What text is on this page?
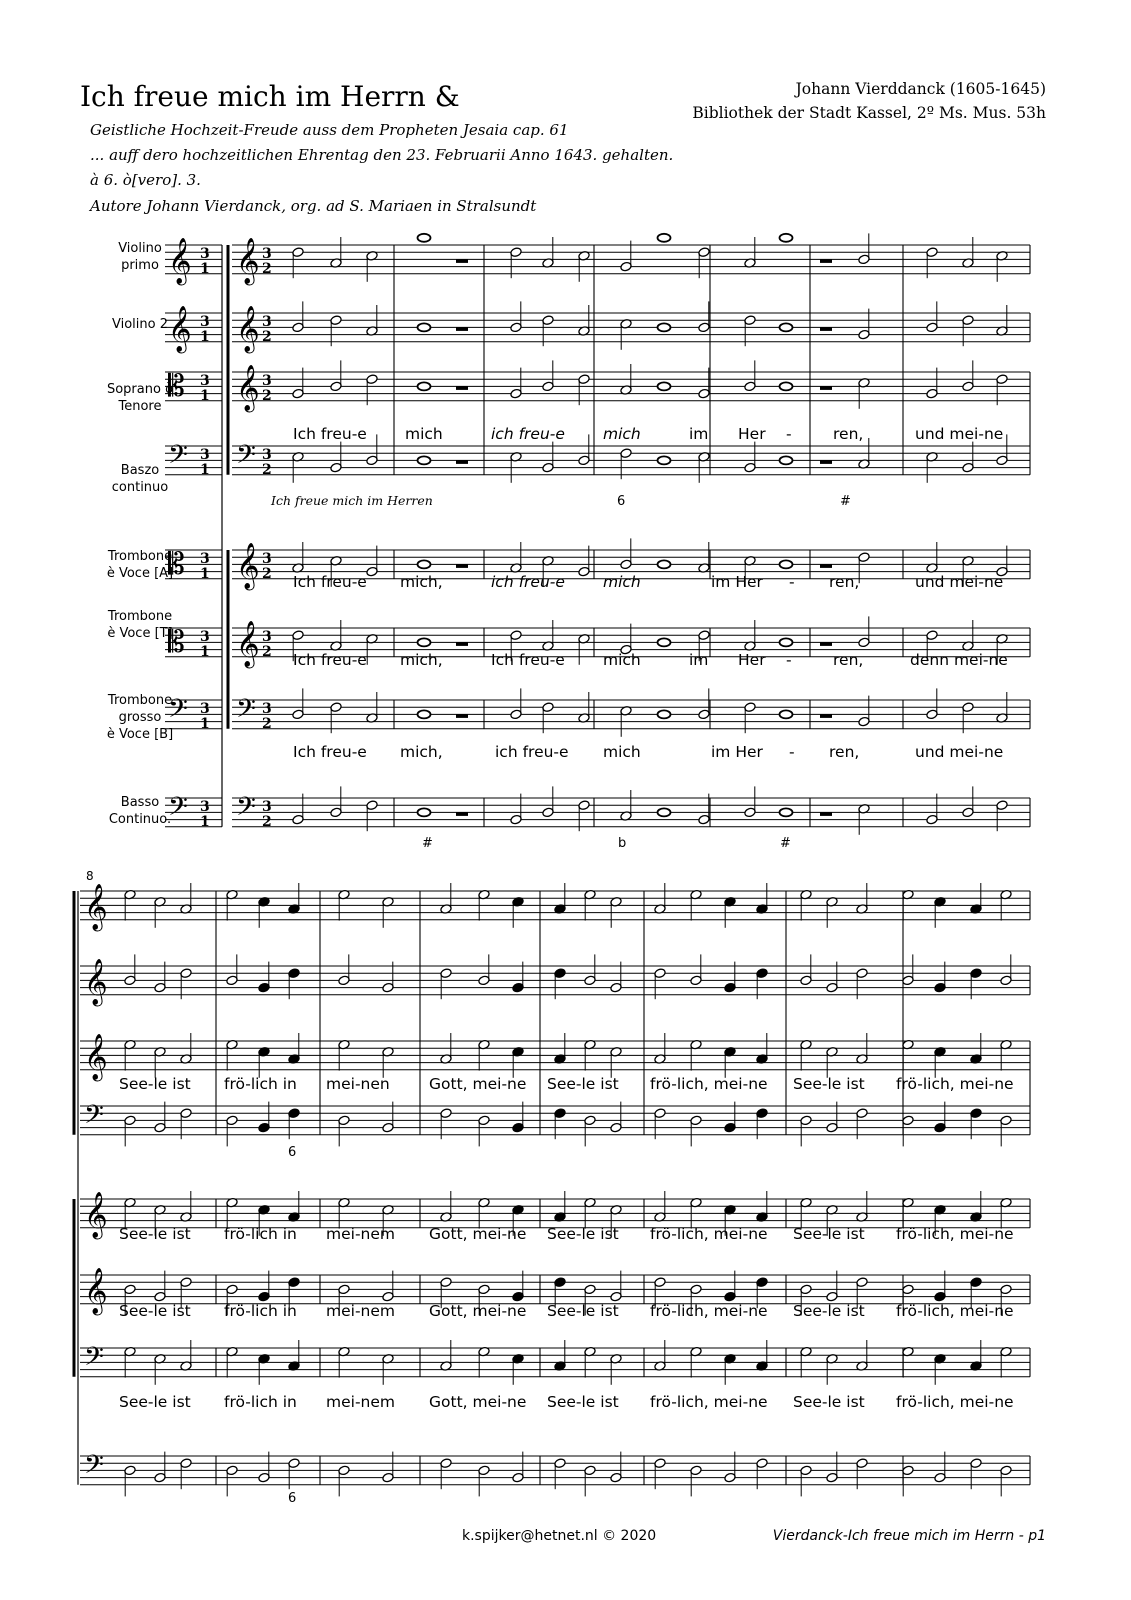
Ich freue mich im Herrn &
Geistliche Hochzeit-Freude auss dem Propheten Jesaia cap. 61
... auff dero hochzeitlichen Ehrentag den 23. Februarii Anno 1643. gehalten.
à 6. ò[vero]. 3.
Autore Johann Vierdanck, org. ad S. Mariaen in Stralsundt
Johann Vierddanck (1605-1645)
Bibliothek der Stadt Kassel, 2º Ms. Mus. 53h
Violino
primo
Violino 2
Soprano ò
Tenore
Baszo
continuo
Trombone
è Voce [A]
Trombone
è Voce [T]
Trombone
grosso
è Voce [B]
Basso
Continuo.
𝄞 3
1 𝄞 3
2
𝄞 3
1 𝄞 3
2
𝄡 3
1 𝄞 3
2
𝄢 3
1 𝄢 3
2
𝄡 3
1 𝄞 3
2
𝄡 3
1 𝄞 3
2
𝄢 3
1 𝄢 3
2
𝄢 3
1 𝄢 3
2
𝄞
𝄞
𝄞
𝄢
𝄞
𝄞
𝄢
𝄢
Ich freu-e mich	ich freu-e mich	im Her -	ren,	und mei-ne
Ich freue mich im Herren	6	#
Ich freu-e mich,	ich freu-e mich	im Her - ren,	und mei-ne
Ich freu-e mich,	Ich freu-e mich	im Her -	ren,	denn mei-ne
Ich freu-e mich,	ich freu-e mich	im Her - ren,	und mei-ne
#	b	#
8
See-le ist frö-lich in mei-nen	Gott, mei-ne See-le ist frö-lich, mei-ne See-le ist frö-lich, mei-ne
6
See-le ist frö-lich in mei-nem Gott, mei-ne See-le ist frö-lich, mei-ne See-le ist frö-lich, mei-ne
See-le ist frö-lich in mei-nem Gott, mei-ne See-le ist frö-lich, mei-ne See-le ist frö-lich, mei-ne
See-le ist frö-lich in mei-nem Gott, mei-ne See-le ist frö-lich, mei-ne See-le ist frö-lich, mei-ne
6
k.spijker@hetnet.nl © 2020	Vierdanck-Ich freue mich im Herrn - p1
